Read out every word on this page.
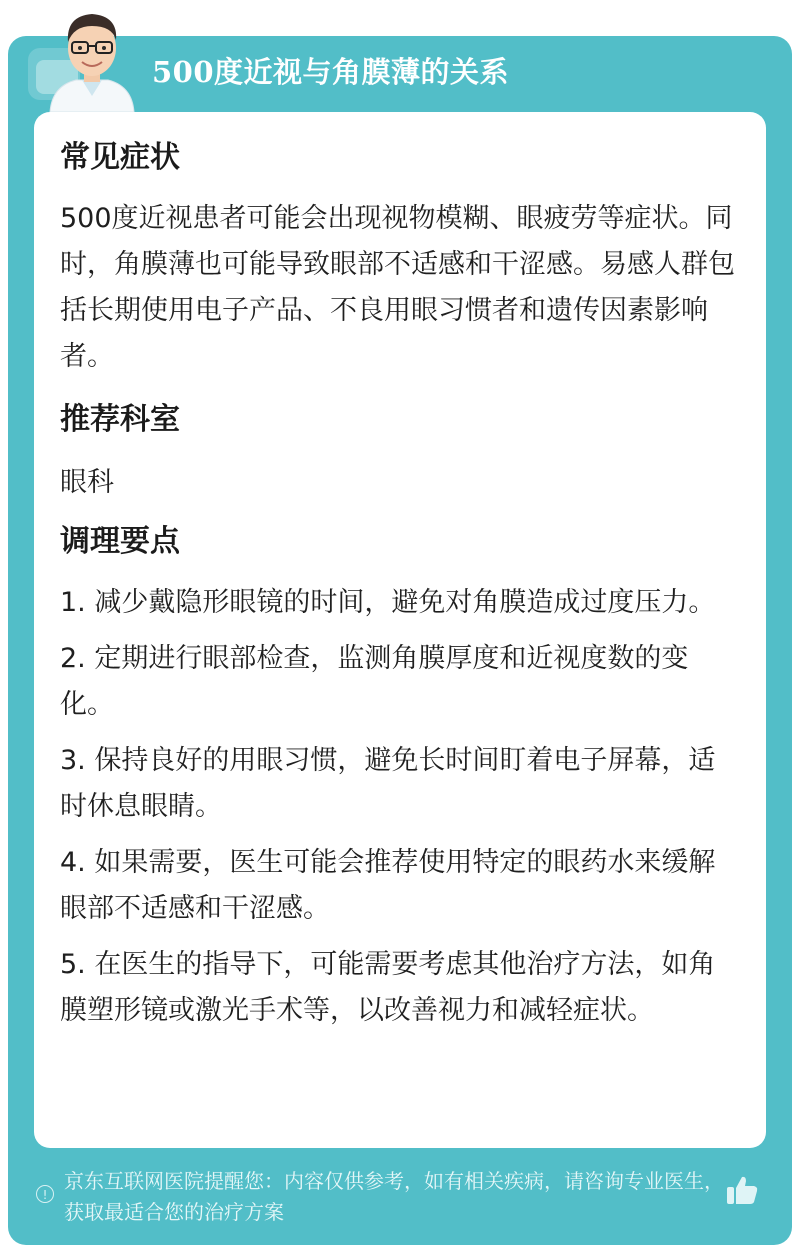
500度近视与角膜薄的关系
常见症状

500度近视患者可能会出现视物模糊、眼疲劳等症状。同时，角膜薄也可能导致眼部不适感和干涩感。易感人群包括长期使用电子产品、不良用眼习惯者和遗传因素影响者。

推荐科室

眼科

调理要点

1. 减少戴隐形眼镜的时间，避免对角膜造成过度压力。

2. 定期进行眼部检查，监测角膜厚度和近视度数的变化。

3. 保持良好的用眼习惯，避免长时间盯着电子屏幕，适时休息眼睛。

4. 如果需要，医生可能会推荐使用特定的眼药水来缓解眼部不适感和干涩感。

5. 在医生的指导下，可能需要考虑其他治疗方法，如角膜塑形镜或激光手术等，以改善视力和减轻症状。

!
京东互联网医院提醒您：内容仅供参考，如有相关疾病，请咨询专业医生，获取最适合您的治疗方案
